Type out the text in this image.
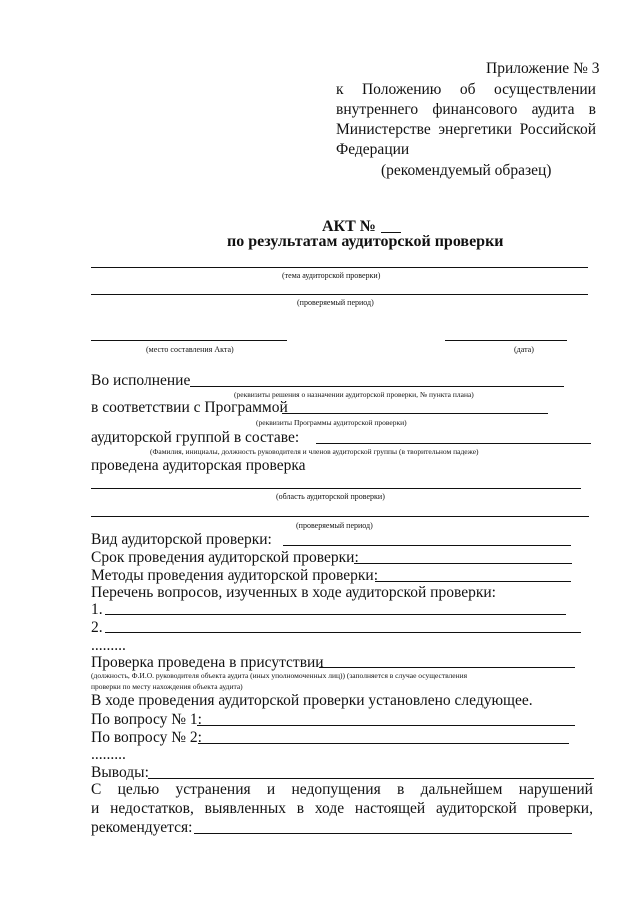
Приложение № 3
к Положению об осуществлении
внутреннего финансового аудита в
Министерстве энергетики Российской
Федерации
(рекомендуемый образец)
АКТ №
по результатам аудиторской проверки
(тема аудиторской проверки)
(проверяемый период)
(место составления Акта)	(дата)
Во исполнение
(реквизиты решения о назначении аудиторской проверки, № пункта плана)
в соответствии с Программой
(реквизиты Программы аудиторской проверки)
аудиторской группой в составе:
(Фамилия, инициалы, должность руководителя и членов аудиторской группы (в творительном падеже)
проведена аудиторская проверка
(область аудиторской проверки)
(проверяемый период)
Вид аудиторской проверки:
Срок проведения аудиторской проверки:
Методы проведения аудиторской проверки:
Перечень вопросов, изученных в ходе аудиторской проверки:
1.
2.
.........
Проверка проведена в присутствии
(должность, Ф.И.О. руководителя объекта аудита (иных уполномоченных лиц)) (заполняется в случае осуществления
проверки по месту нахождения объекта аудита)
В ходе проведения аудиторской проверки установлено следующее.
По вопросу № 1:
По вопросу № 2:
.........
Выводы:
С целью устранения и недопущения в дальнейшем нарушений
и недостатков, выявленных в ходе настоящей аудиторской проверки,
рекомендуется:
